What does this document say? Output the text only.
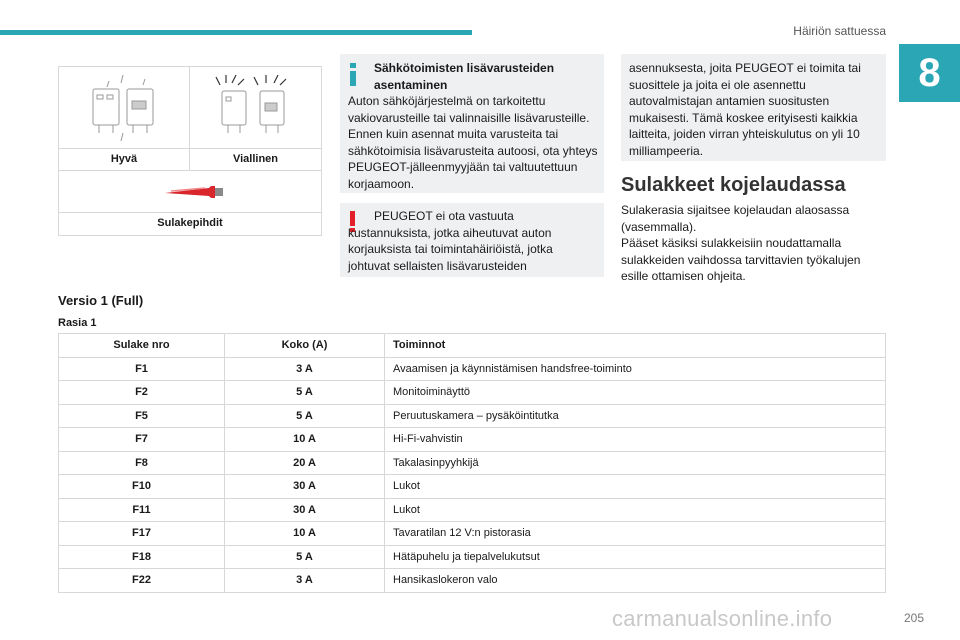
Häiriön sattuessa
8
Hyvä	Viallinen
Sulakepihdit
Sähkötoimisten lisävarusteiden asentaminen
Auton sähköjärjestelmä on tarkoitettu vakiovarusteille tai valinnaisille lisävarusteille. Ennen kuin asennat muita varusteita tai sähkötoimisia lisävarusteita autoosi, ota yhteys PEUGEOT-jälleenmyyjään tai valtuutettuun korjaamoon.
PEUGEOT ei ota vastuuta kustannuksista, jotka aiheutuvat auton korjauksista tai toimintahäiriöistä, jotka johtuvat sellaisten lisävarusteiden
asennuksesta, joita PEUGEOT ei toimita tai suosittele ja joita ei ole asennettu autovalmistajan antamien suositusten mukaisesti. Tämä koskee erityisesti kaikkia laitteita, joiden virran yhteiskulutus on yli 10 milliampeeria.
Sulakkeet kojelaudassa
Sulakerasia sijaitsee kojelaudan alaosassa (vasemmalla).
Pääset käsiksi sulakkeisiin noudattamalla sulakkeiden vaihdossa tarvittavien työkalujen esille ottamisen ohjeita.
Versio 1 (Full)
Rasia 1
Sulake nro	Koko (A)	Toiminnot
F1	3 A	Avaamisen ja käynnistämisen handsfree-toiminto
F2	5 A	Monitoiminäyttö
F5	5 A	Peruutuskamera – pysäköintitutka
F7	10 A	Hi-Fi-vahvistin
F8	20 A	Takalasinpyyhkijä
F10	30 A	Lukot
F11	30 A	Lukot
F17	10 A	Tavaratilan 12 V:n pistorasia
F18	5 A	Hätäpuhelu ja tiepalvelukutsut
F22	3 A	Hansikaslokeron valo
carmanualsonline.info	205
